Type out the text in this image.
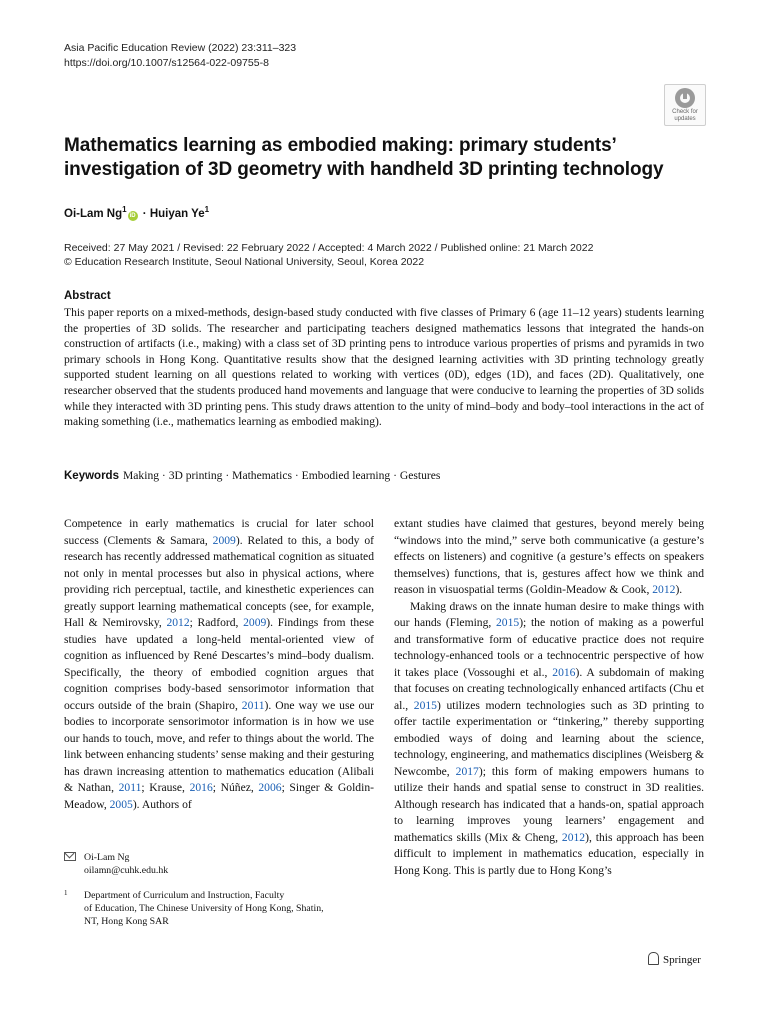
Asia Pacific Education Review (2022) 23:311–323
https://doi.org/10.1007/s12564-022-09755-8
Check for
updates
Mathematics learning as embodied making: primary students’
investigation of 3D geometry with handheld 3D printing technology
Oi-Lam $Ng^1iD$ · Huiyan Ye$^1$
Received: 27 May 2021 / Revised: 22 February 2022 / Accepted: 4 March 2022 / Published online: 21 March 2022
© Education Research Institute, Seoul National University, Seoul, Korea 2022
Abstract
This paper reports on a mixed-methods, design-based study conducted with five classes of Primary 6 (age 11–12 years) students learning the properties of 3D solids. The researcher and participating teachers designed mathematics lessons that integrated the hands-on construction of artifacts (i.e., making) with a class set of 3D printing pens to introduce various properties of prisms and pyramids in two primary schools in Hong Kong. Quantitative results show that the designed learning activities with 3D printing technology greatly supported student learning on all questions related to working with vertices (0D), edges (1D), and faces (2D). Qualitatively, one researcher observed that the students produced hand movements and language that were conducive to learning the properties of 3D solids while they interacted with 3D printing pens. This study draws attention to the unity of mind–body and body–tool interactions in the act of making something (i.e., mathematics learning as embodied making).
Keywords Making · 3D printing · Mathematics · Embodied learning · Gestures

Competence in early mathematics is crucial for later school success (Clements & Samara, 2009). Related to this, a body of research has recently addressed mathematical cognition as situated not only in mental processes but also in physical actions, where providing rich perceptual, tactile, and kinesthetic experiences can greatly support learning mathematical concepts (see, for example, Hall & Nemirovsky, 2012; Radford, 2009). Findings from these studies have updated a long-held mental-oriented view of cognition as influenced by René Descartes’s mind–body dualism. Specifically, the theory of embodied cognition argues that cognition comprises body-based sensorimotor information that occurs outside of the brain (Shapiro, 2011). One way we use our bodies to incorporate sensorimotor information is in how we use our hands to touch, move, and refer to things about the world. The link between enhancing students’ sense making and their gesturing has drawn increasing attention to mathematics education (Alibali & Nathan, 2011; Krause, 2016; Núñez, 2006; Singer & Goldin-Meadow, 2005). Authors of

extant studies have claimed that gestures, beyond merely being “windows into the mind,” serve both communicative (a gesture’s effects on listeners) and cognitive (a gesture’s effects on speakers themselves) functions, that is, gestures affect how we think and reason in visuospatial terms (Goldin-Meadow & Cook, 2012).

Making draws on the innate human desire to make things with our hands (Fleming, 2015); the notion of making as a powerful and transformative form of educative practice does not require technology-enhanced tools or a technocentric perspective of how it takes place (Vossoughi et al., 2016). A subdomain of making that focuses on creating technologically enhanced artifacts (Chu et al., 2015) utilizes modern technologies such as 3D printing to offer tactile experimentation or “tinkering,” thereby supporting embodied ways of doing and learning about the science, technology, engineering, and mathematics disciplines (Weisberg & Newcombe, 2017); this form of making empowers humans to utilize their hands and spatial sense to construct in 3D realities. Although research has indicated that a hands-on, spatial approach to learning improves young learners’ engagement and mathematics skills (Mix & Cheng, 2012), this approach has been difficult to implement in mathematics education, especially in Hong Kong. This is partly due to Hong Kong’s

Oi-Lam Ng
oilamn@cuhk.edu.hk
1 Department of Curriculum and Instruction, Faculty
of Education, The Chinese University of Hong Kong, Shatin,
NT, Hong Kong SAR
Springer
